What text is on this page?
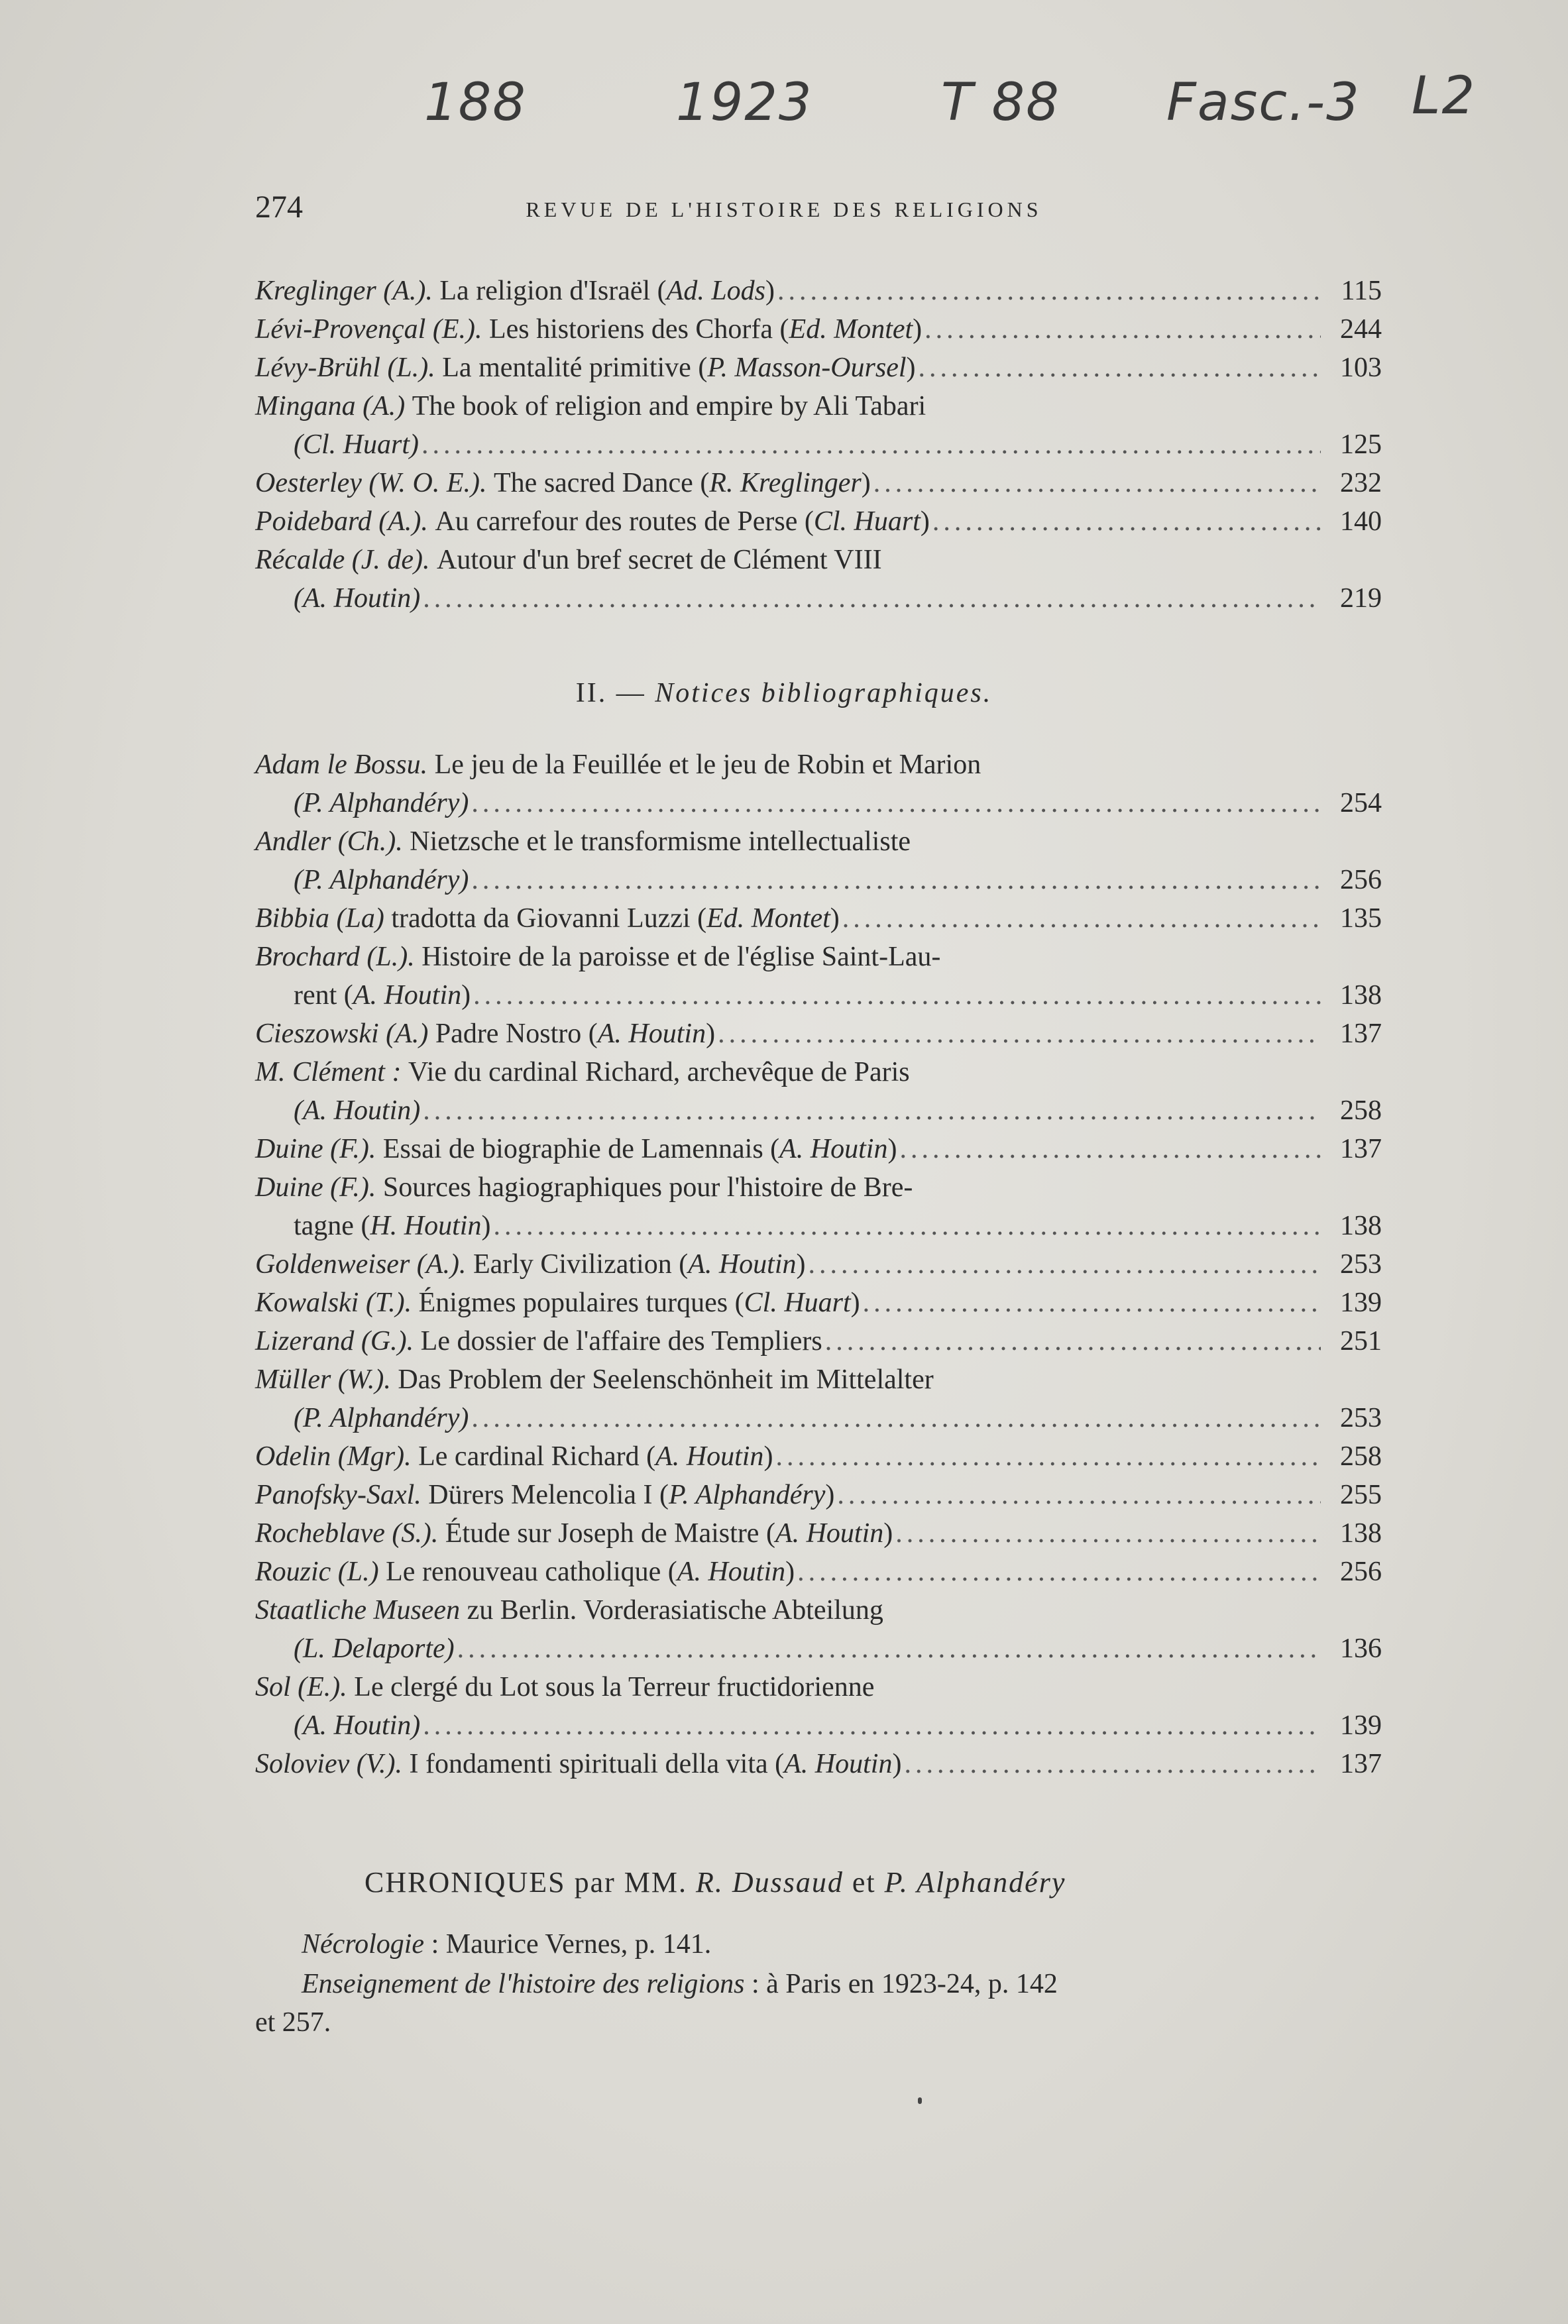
188	1923 T 88 Fasc.-3 L2
274	REVUE DE L'HISTOIRE DES RELIGIONS
Kreglinger (A.).
La religion d'Israël ( Ad. Lods ) .....	115
Lévi-Provençal (E.).
Les historiens des Chorfa ( Ed. Montet ) .....	244
Lévy-Brühl (L.).
La mentalité primitive ( P. Masson-Oursel ) .....	103
Mingana (A.) The book of religion and empire by Ali Tabari
(Cl. Huart) .....	125
Oesterley (W. O. E.).
The sacred Dance ( R. Kreglinger ) .....	232
Poidebard (A.).
Au carrefour des routes de Perse ( Cl. Huart ) .....	140
Récalde (J. de). Autour d'un bref secret de Clément VIII
(A. Houtin) .....	219
II. — Notices bibliographiques.
Adam le Bossu.
Le jeu de la Feuillée et le jeu de Robin et Marion
(P. Alphandéry) .....	254
Andler (Ch.).
Nietzsche et le transformisme intellectualiste
(P. Alphandéry) .....	256
Bibbia (La)
tradotta da Giovanni Luzzi ( Ed. Montet ) .....	135
Brochard (L.).
Histoire de la paroisse et de l'église Saint-Lau-
rent ( A. Houtin ) .....	138
Cieszowski (A.)
Padre Nostro ( A. Houtin ) .....	137
M. Clément :
Vie du cardinal Richard, archevêque de Paris
(A. Houtin) .....	258
Duine (F.).
Essai de biographie de Lamennais ( A. Houtin ) .....	137
Duine (F.).
Sources hagiographiques pour l'histoire de Bre-
tagne ( H. Houtin ) .....	138
Goldenweiser (A.).
Early Civilization ( A. Houtin ) .....	253
Kowalski (T.).
Énigmes populaires turques ( Cl. Huart ) .....	139
Lizerand (G.).
Le dossier de l'affaire des Templiers .....	251
Müller (W.).
Das Problem der Seelenschönheit im Mittelalter
(P. Alphandéry) .....	253
Odelin (Mgr).
Le cardinal Richard ( A. Houtin ) .....	258
Panofsky-Saxl.
Dürers Melencolia I ( P. Alphandéry ) .....	255
Rocheblave (S.).
Étude sur Joseph de Maistre ( A. Houtin ) .....	138
Rouzic (L.)
Le renouveau catholique ( A. Houtin ) .....	256
Staatliche Museen
zu Berlin. Vorderasiatische Abteilung
(L. Delaporte) .....	136
Sol (E.).
Le clergé du Lot sous la Terreur fructidorienne
(A. Houtin) .....	139
Soloviev (V.).
I fondamenti spirituali della vita ( A. Houtin ) .....	137
CHRONIQUES par MM. R. Dussaud et P. Alphandéry
Nécrologie : Maurice Vernes, p. 141.
Enseignement de l'histoire des religions : à Paris en 1923-24, p. 142
et 257.
